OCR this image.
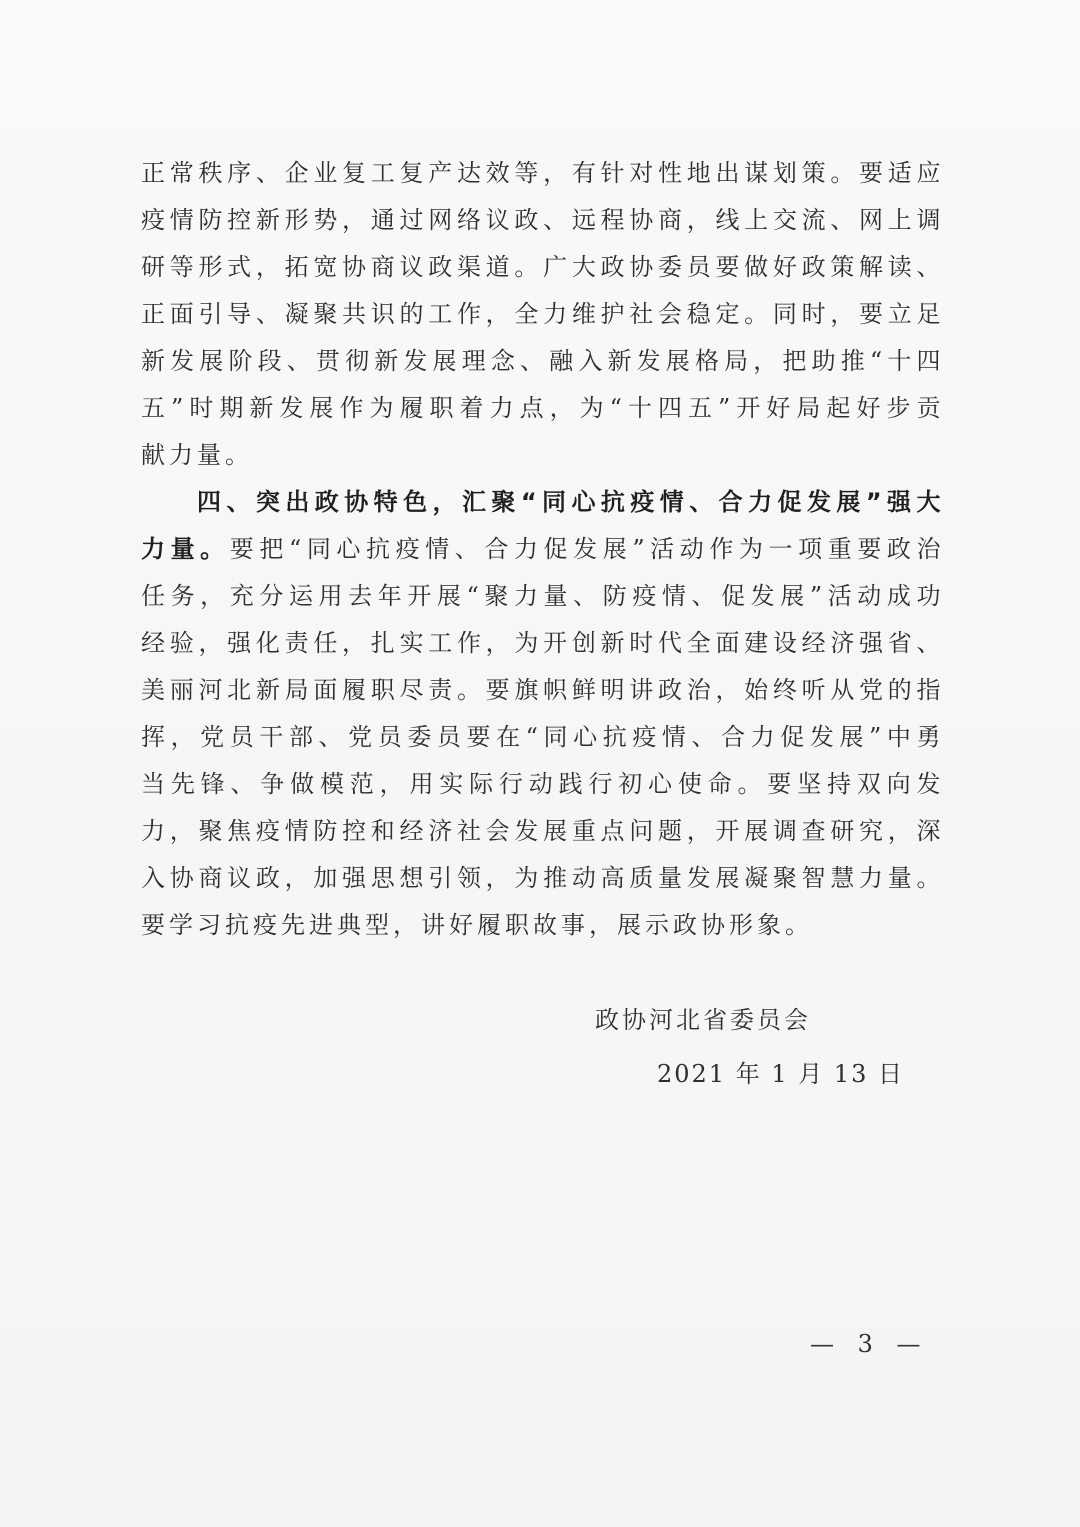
正常秩序、企业复工复产达效等，有针对性地出谋划策。要适应
疫情防控新形势，通过网络议政、远程协商，线上交流、网上调
研等形式，拓宽协商议政渠道。广大政协委员要做好政策解读、
正面引导、凝聚共识的工作，全力维护社会稳定。同时，要立足
新发展阶段、贯彻新发展理念、融入新发展格局，把助推“十四
五”时期新发展作为履职着力点，为“十四五”开好局起好步贡
献力量。
四、突出政协特色，汇聚“同心抗疫情、合力促发展”强大
力量。要把“同心抗疫情、合力促发展”活动作为一项重要政治
任务，充分运用去年开展“聚力量、防疫情、促发展”活动成功
经验，强化责任，扎实工作，为开创新时代全面建设经济强省、
美丽河北新局面履职尽责。要旗帜鲜明讲政治，始终听从党的指
挥，党员干部、党员委员要在“同心抗疫情、合力促发展”中勇
当先锋、争做模范，用实际行动践行初心使命。要坚持双向发
力，聚焦疫情防控和经济社会发展重点问题，开展调查研究，深
入协商议政，加强思想引领，为推动高质量发展凝聚智慧力量。
要学习抗疫先进典型，讲好履职故事，展示政协形象。
政协河北省委员会
2021 年 1 月 13 日
— 3 —
